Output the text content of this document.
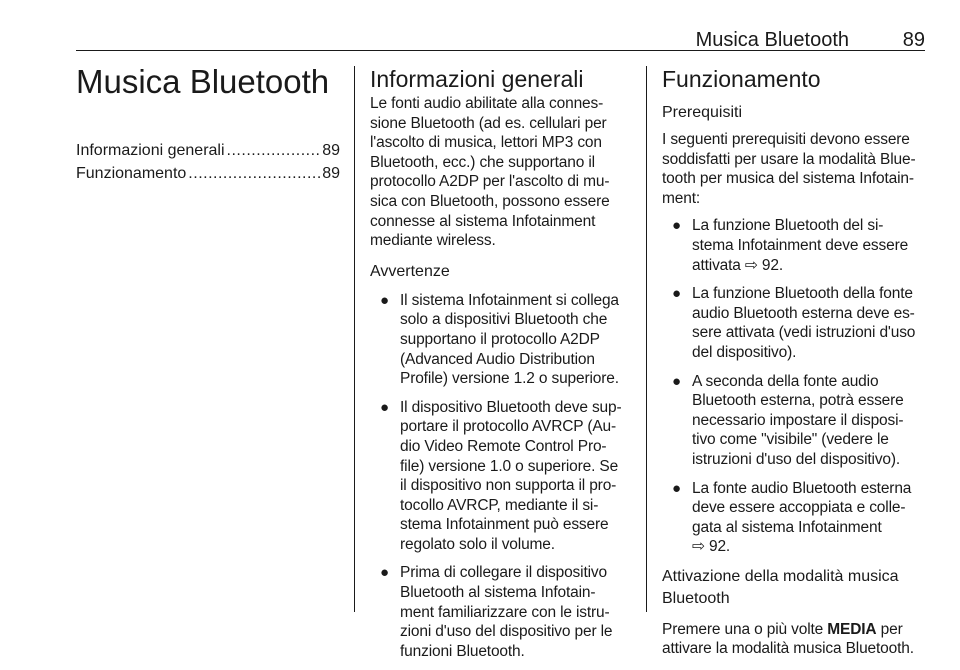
Musica Bluetooth	89
Musica Bluetooth
Informazioni generali .....	89
Funzionamento .....	89
Informazioni generali

Le fonti audio abilitate alla connes-
sione Bluetooth (ad es. cellulari per
l'ascolto di musica, lettori MP3 con
Bluetooth, ecc.) che supportano il
protocollo A2DP per l'ascolto di mu-
sica con Bluetooth, possono essere
connesse al sistema Infotainment
mediante wireless.

Avvertenze
● Il sistema Infotainment si collega
solo a dispositivi Bluetooth che
supportano il protocollo A2DP
(Advanced Audio Distribution
Profile) versione 1.2 o superiore.
● Il dispositivo Bluetooth deve sup-
portare il protocollo AVRCP (Au-
dio Video Remote Control Pro-
file) versione 1.0 o superiore. Se
il dispositivo non supporta il pro-
tocollo AVRCP, mediante il si-
stema Infotainment può essere
regolato solo il volume.
● Prima di collegare il dispositivo
Bluetooth al sistema Infotain-
ment familiarizzare con le istru-
zioni d'uso del dispositivo per le
funzioni Bluetooth.
Funzionamento
Prerequisiti

I seguenti prerequisiti devono essere
soddisfatti per usare la modalità Blue-
tooth per musica del sistema Infotain-
ment:

● La funzione Bluetooth del si-
stema Infotainment deve essere
attivata ⇨ 92.
● La funzione Bluetooth della fonte
audio Bluetooth esterna deve es-
sere attivata (vedi istruzioni d'uso
del dispositivo).
● A seconda della fonte audio
Bluetooth esterna, potrà essere
necessario impostare il disposi-
tivo come "visibile" (vedere le
istruzioni d'uso del dispositivo).
● La fonte audio Bluetooth esterna
deve essere accoppiata e colle-
gata al sistema Infotainment
⇨ 92.
Attivazione della modalità musica
Bluetooth

Premere una o più volte MEDIA per
attivare la modalità musica Bluetooth.
